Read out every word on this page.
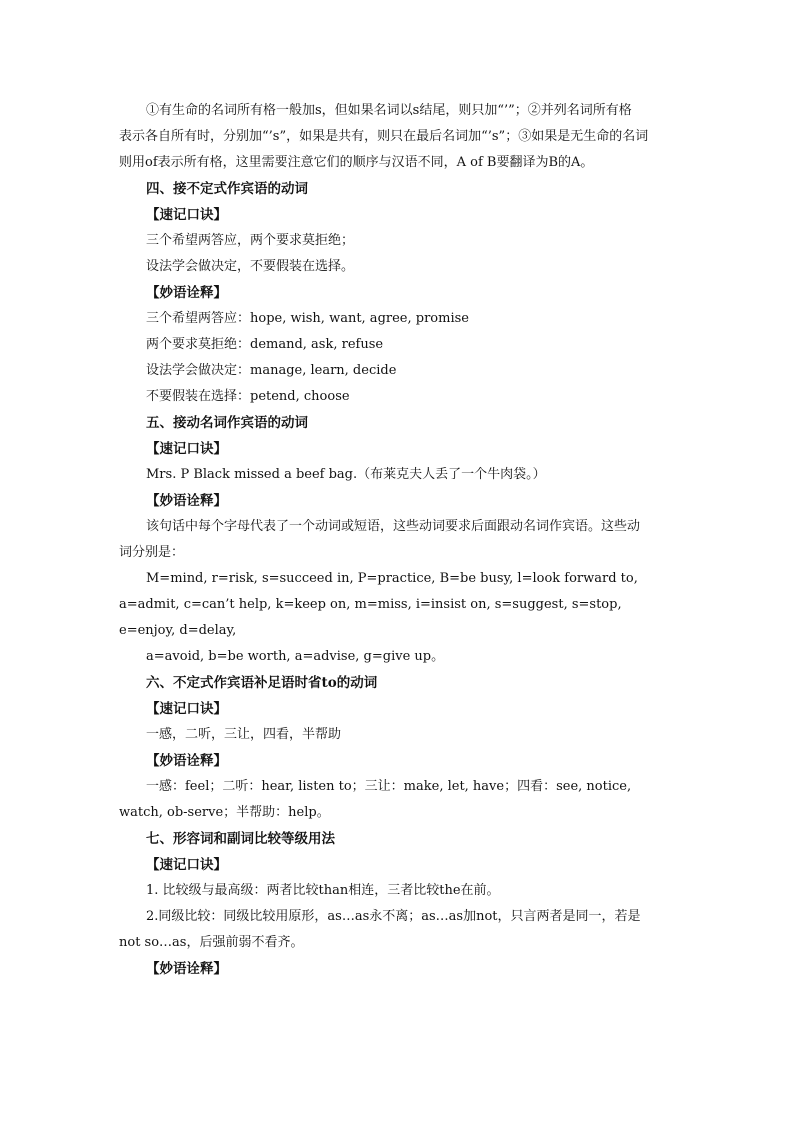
①有生命的名词所有格一般加s，但如果名词以s结尾，则只加“’”；②并列名词所有格
表示各自所有时，分别加“’s”，如果是共有，则只在最后名词加“’s”；③如果是无生命的名词
则用of表示所有格，这里需要注意它们的顺序与汉语不同，A of B要翻译为B的A。
四、接不定式作宾语的动词
【速记口诀】
三个希望两答应，两个要求莫拒绝；
设法学会做决定，不要假装在选择。
【妙语诠释】
三个希望两答应：hope, wish, want, agree, promise
两个要求莫拒绝：demand, ask, refuse
设法学会做决定：manage, learn, decide
不要假装在选择：petend, choose
五、接动名词作宾语的动词
【速记口诀】
Mrs. P Black missed a beef bag.（布莱克夫人丢了一个牛肉袋。）
【妙语诠释】
该句话中每个字母代表了一个动词或短语，这些动词要求后面跟动名词作宾语。这些动
词分别是：
M=mind, r=risk, s=succeed in, P=practice, B=be busy, l=look forward to,
a=admit, c=can’t help, k=keep on, m=miss, i=insist on, s=suggest, s=stop,
e=enjoy, d=delay,
a=avoid, b=be worth, a=advise, g=give up。
六、不定式作宾语补足语时省to的动词
【速记口诀】
一感，二听，三让，四看，半帮助
【妙语诠释】
一感：feel；二听：hear, listen to；三让：make, let, have；四看：see, notice,
watch, ob-serve；半帮助：help。
七、形容词和副词比较等级用法
【速记口诀】
1. 比较级与最高级：两者比较than相连，三者比较the在前。
2.同级比较：同级比较用原形，as…as永不离；as…as加not，只言两者是同一，若是
not so…as，后强前弱不看齐。
【妙语诠释】
